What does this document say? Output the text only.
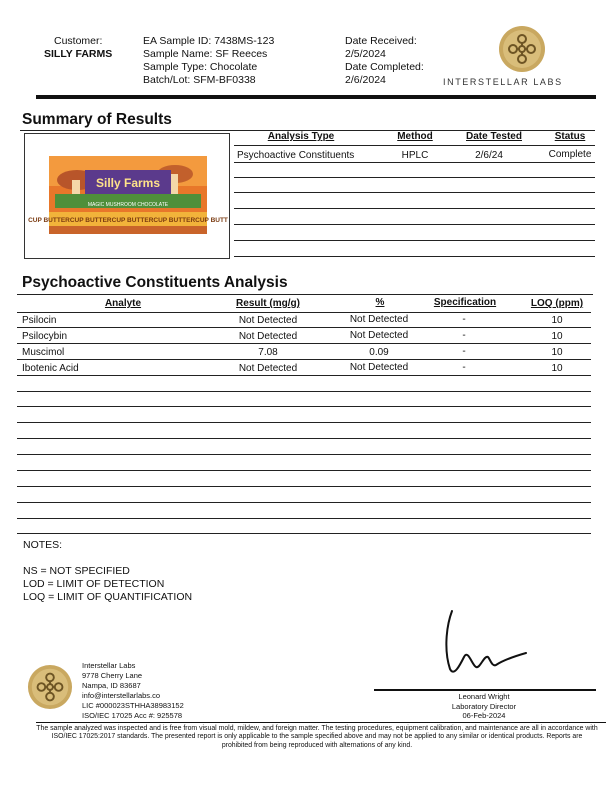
Customer:
SILLY FARMS
EA Sample ID: 7438MS-123
Sample Name: SF Reeces
Sample Type: Chocolate
Batch/Lot: SFM-BF0338
Date Received:
2/5/2024
Date Completed:
2/6/2024	INTERSTELLAR LABS
Summary of Results
Silly Farms
MAGIC MUSHROOM CHOCOLATE
CUP BUTTERCUP BUTTERCUP BUTTERCUP BUTTERCUP BUTT
Analysis Type	Method	Date Tested	Status
Psychoactive Constituents	HPLC	2/6/24	Complete
Psychoactive Constituents Analysis
Analyte	Result (mg/g)	%	Specification	LOQ (ppm)
Psilocin	Not Detected	Not Detected	-	10
Psilocybin	Not Detected	Not Detected	-	10
Muscimol	7.08	0.09	-	10
Ibotenic Acid	Not Detected	Not Detected	-	10
NOTES:
NS = NOT SPECIFIED
LOD = LIMIT OF DETECTION
LOQ = LIMIT OF QUANTIFICATION
Interstellar Labs
9778 Cherry Lane
Nampa, ID 83687
info@interstellarlabs.co
LIC #000023STHHA38983152
ISO/IEC 17025 Acc #: 925578
Leonard Wright
Laboratory Director
06-Feb-2024
The sample analyzed was inspected and is free from visual mold, mildew, and foreign matter. The testing procedures, equipment calibration, and maintenance are all in accordance with ISO/IEC 17025:2017 standards. The presented report is only applicable to the sample specified above and may not be applied to any similar or identical products. Reports are prohibited from being reproduced with alternations of any kind.
